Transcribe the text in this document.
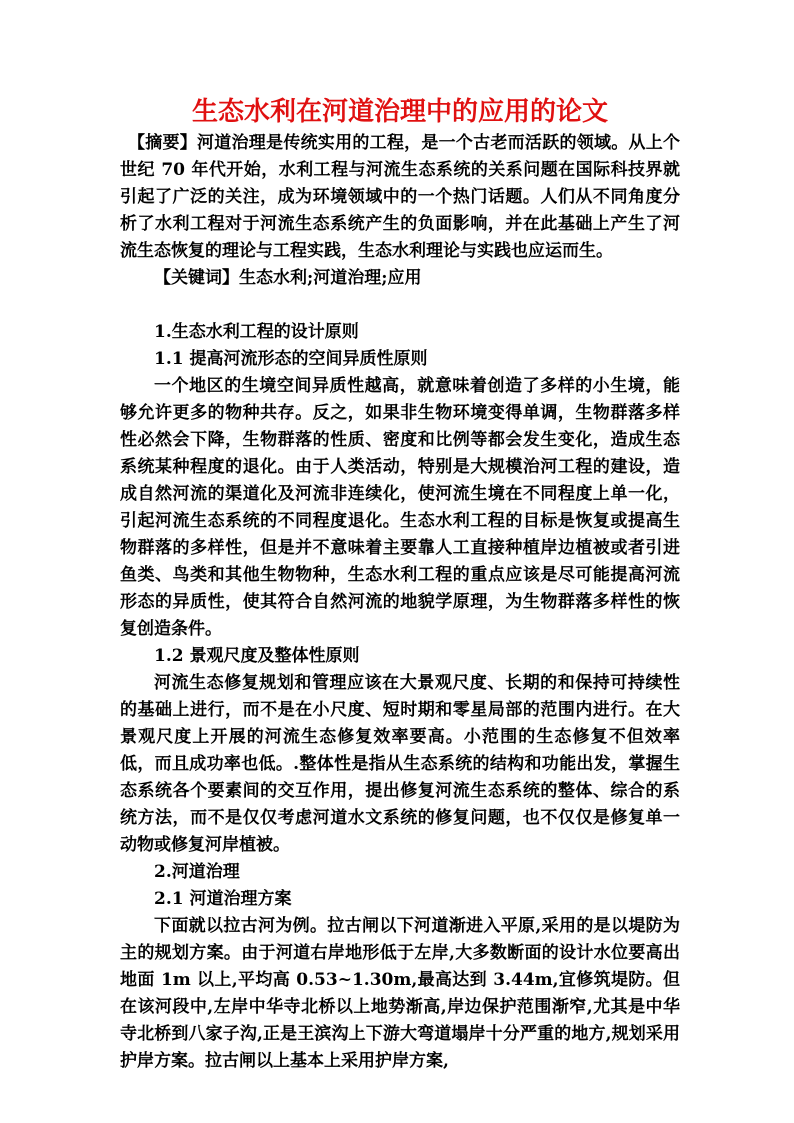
生态水利在河道治理中的应用的论文

【摘要】河道治理是传统实用的工程，是一个古老而活跃的领域。从上个世纪 70 年代开始，水利工程与河流生态系统的关系问题在国际科技界就引起了广泛的关注，成为环境领域中的一个热门话题。人们从不同角度分析了水利工程对于河流生态系统产生的负面影响，并在此基础上产生了河流生态恢复的理论与工程实践，生态水利理论与实践也应运而生。

【关键词】生态水利;河道治理;应用

1.生态水利工程的设计原则

1.1 提高河流形态的空间异质性原则

一个地区的生境空间异质性越高，就意味着创造了多样的小生境，能够允许更多的物种共存。反之，如果非生物环境变得单调，生物群落多样性必然会下降，生物群落的性质、密度和比例等都会发生变化，造成生态系统某种程度的退化。由于人类活动，特别是大规模治河工程的建设，造成自然河流的渠道化及河流非连续化，使河流生境在不同程度上单一化，引起河流生态系统的不同程度退化。生态水利工程的目标是恢复或提高生物群落的多样性，但是并不意味着主要靠人工直接种植岸边植被或者引进鱼类、鸟类和其他生物物种，生态水利工程的重点应该是尽可能提高河流形态的异质性，使其符合自然河流的地貌学原理，为生物群落多样性的恢复创造条件。

1.2 景观尺度及整体性原则

河流生态修复规划和管理应该在大景观尺度、长期的和保持可持续性的基础上进行，而不是在小尺度、短时期和零星局部的范围内进行。在大景观尺度上开展的河流生态修复效率要高。小范围的生态修复不但效率低，而且成功率也低。.整体性是指从生态系统的结构和功能出发，掌握生态系统各个要素间的交互作用，提出修复河流生态系统的整体、综合的系统方法，而不是仅仅考虑河道水文系统的修复问题，也不仅仅是修复单一动物或修复河岸植被。

2.河道治理

2.1 河道治理方案

下面就以拉古河为例。拉古闸以下河道渐进入平原,采用的是以堤防为主的规划方案。由于河道右岸地形低于左岸,大多数断面的设计水位要高出地面 1m 以上,平均高 0.53~1.30m,最高达到 3.44m,宜修筑堤防。但在该河段中,左岸中华寺北桥以上地势渐高,岸边保护范围渐窄,尤其是中华寺北桥到八家子沟,正是王滨沟上下游大弯道塌岸十分严重的地方,规划采用护岸方案。拉古闸以上基本上采用护岸方案,
